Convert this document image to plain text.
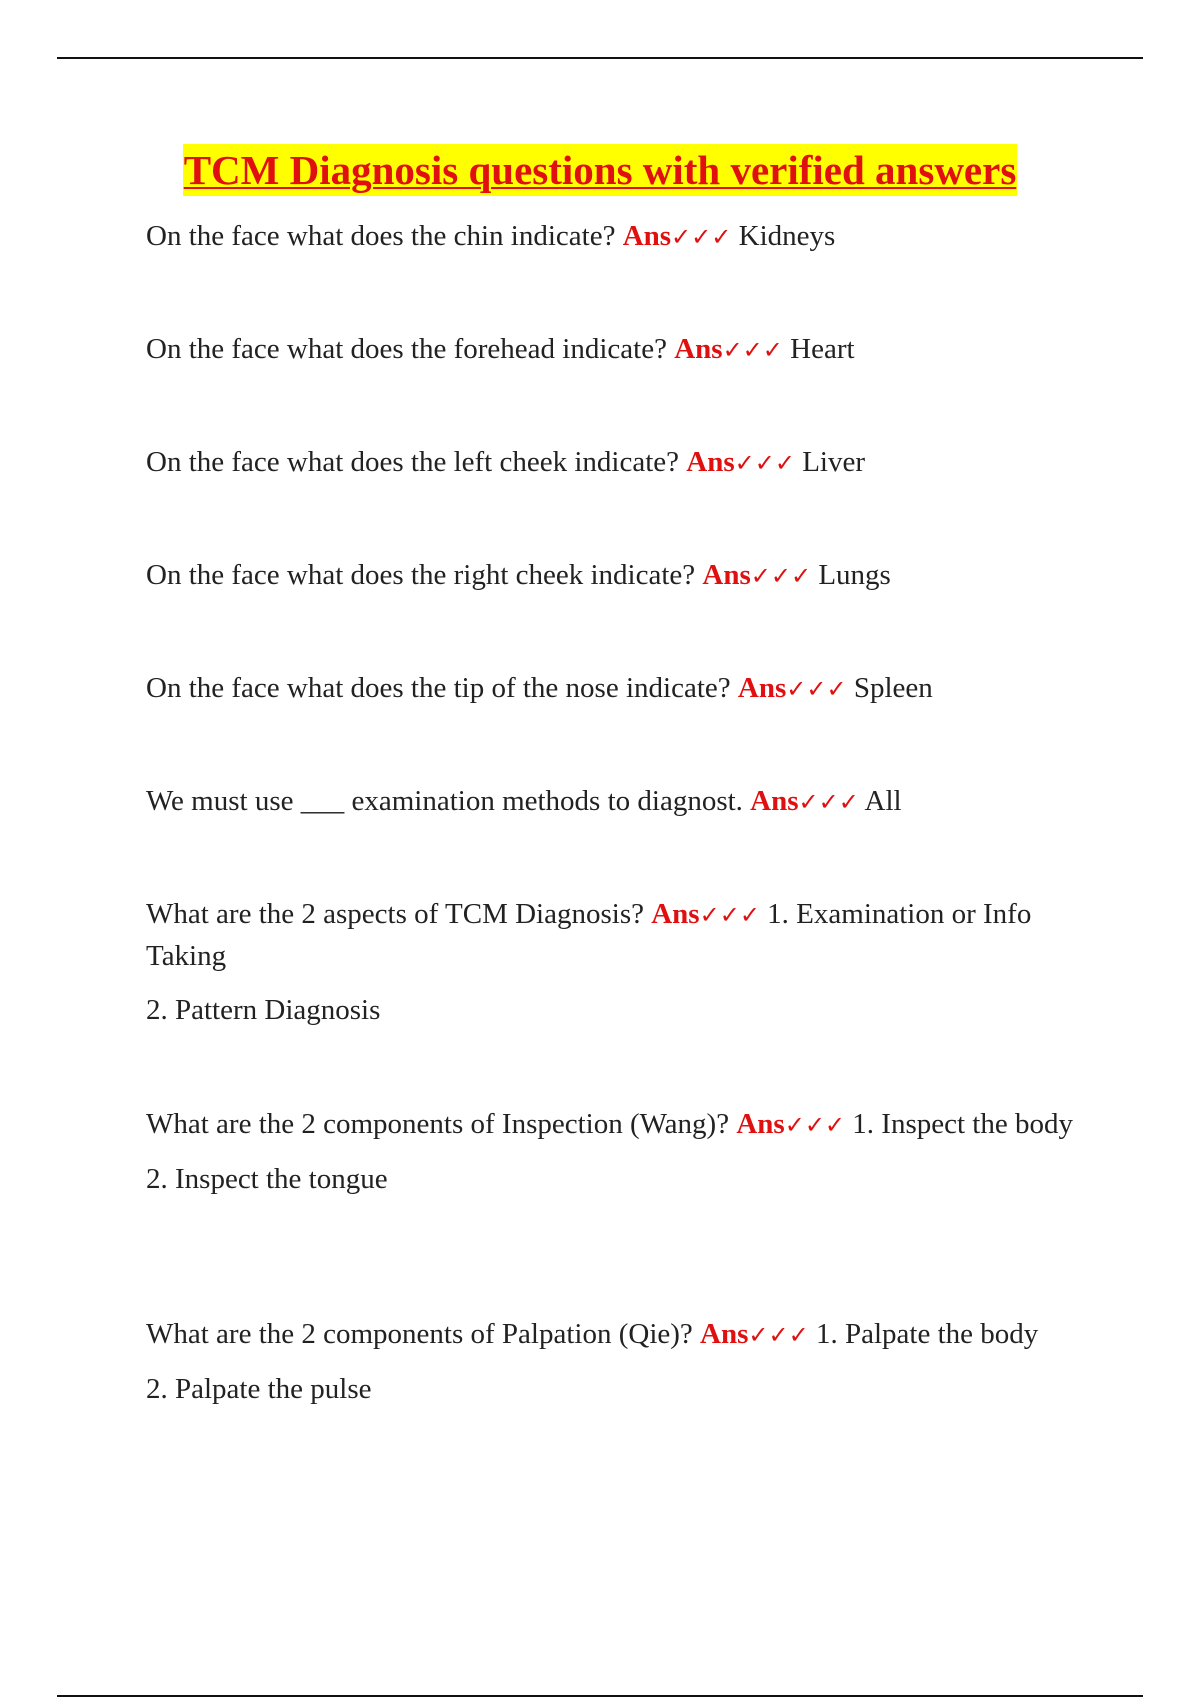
TCM Diagnosis questions with verified answers

On the face what does the chin indicate? Ans✓✓✓ Kidneys

On the face what does the forehead indicate? Ans✓✓✓ Heart

On the face what does the left cheek indicate? Ans✓✓✓ Liver

On the face what does the right cheek indicate? Ans✓✓✓ Lungs

On the face what does the tip of the nose indicate? Ans✓✓✓ Spleen

We must use ___ examination methods to diagnost. Ans✓✓✓ All

What are the 2 aspects of TCM Diagnosis? Ans✓✓✓ 1. Examination or Info Taking

2. Pattern Diagnosis

What are the 2 components of Inspection (Wang)? Ans✓✓✓ 1. Inspect the body

2. Inspect the tongue

What are the 2 components of Palpation (Qie)? Ans✓✓✓ 1. Palpate the body

2. Palpate the pulse
